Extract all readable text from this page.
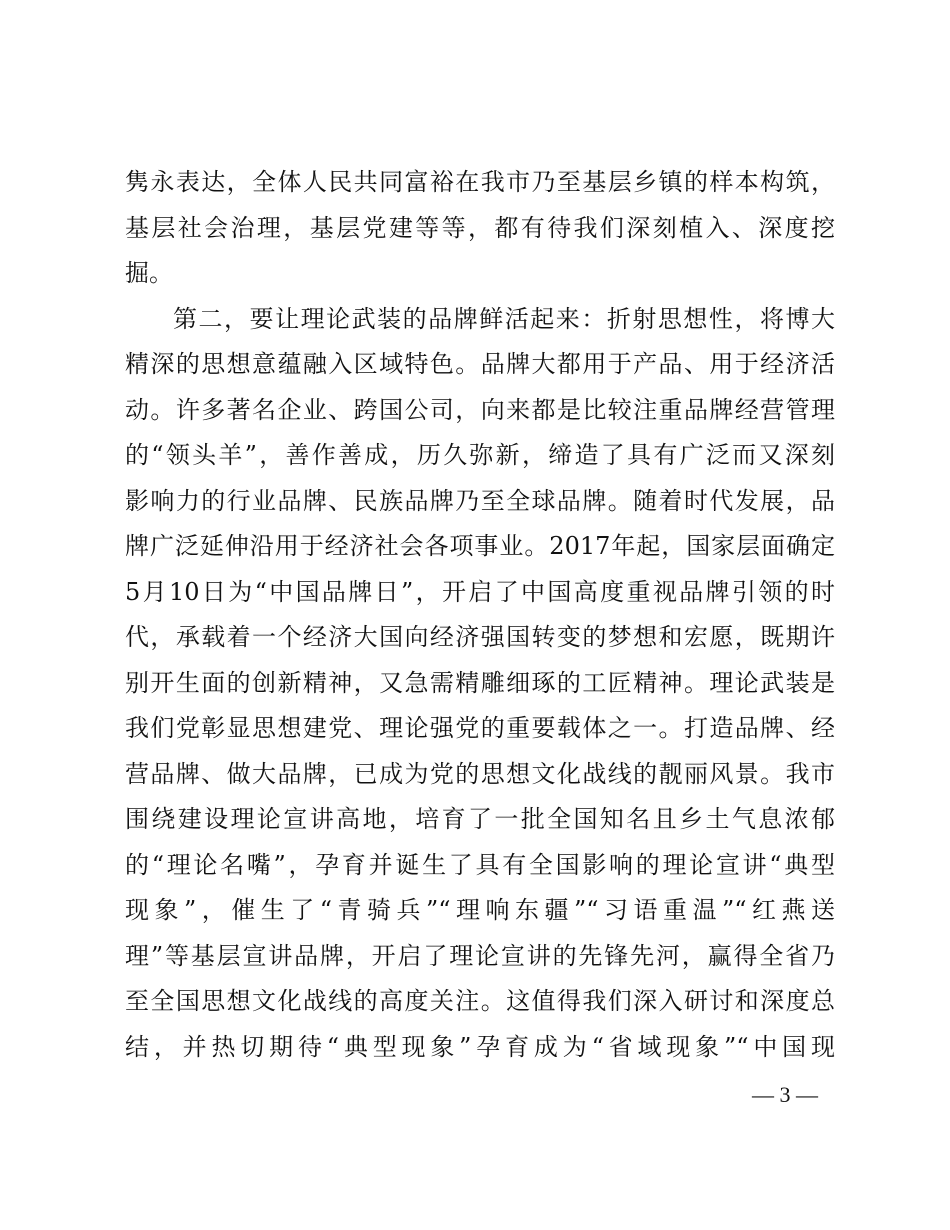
隽永表达，全体人民共同富裕在我市乃至基层乡镇的样本构筑，
基层社会治理，基层党建等等，都有待我们深刻植入、深度挖
掘。
第二，要让理论武装的品牌鲜活起来：折射思想性，将博大
精深的思想意蕴融入区域特色。品牌大都用于产品、用于经济活
动。许多著名企业、跨国公司，向来都是比较注重品牌经营管理
的“领头羊”，善作善成，历久弥新，缔造了具有广泛而又深刻
影响力的行业品牌、民族品牌乃至全球品牌。随着时代发展，品
牌广泛延伸沿用于经济社会各项事业。2017年起，国家层面确定
5月10日为“中国品牌日”，开启了中国高度重视品牌引领的时
代，承载着一个经济大国向经济强国转变的梦想和宏愿，既期许
别开生面的创新精神，又急需精雕细琢的工匠精神。理论武装是
我们党彰显思想建党、理论强党的重要载体之一。打造品牌、经
营品牌、做大品牌，已成为党的思想文化战线的靓丽风景。我市
围绕建设理论宣讲高地，培育了一批全国知名且乡土气息浓郁
的“理论名嘴”，孕育并诞生了具有全国影响的理论宣讲“典型
现象”，催生了“青骑兵”“理响东疆”“习语重温”“红燕送
理”等基层宣讲品牌，开启了理论宣讲的先锋先河，赢得全省乃
至全国思想文化战线的高度关注。这值得我们深入研讨和深度总
结，并热切期待“典型现象”孕育成为“省域现象”“中国现
— 3 —
